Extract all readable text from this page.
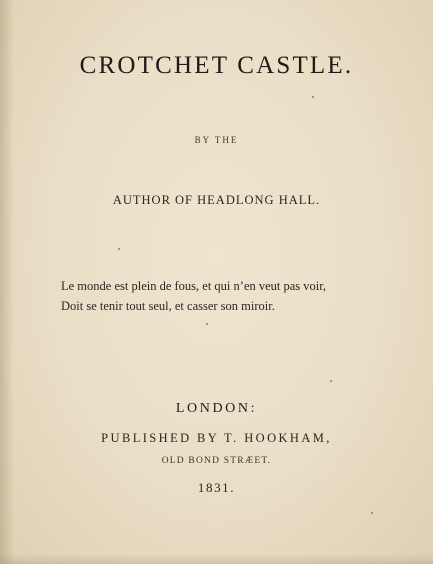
CROTCHET CASTLE.
BY THE
AUTHOR OF HEADLONG HALL.
Le monde est plein de fous, et qui n’en veut pas voir,
Doit se tenir tout seul, et casser son miroir.
LONDON:
PUBLISHED BY T. HOOKHAM,
OLD BOND STRÆET.
1831.
